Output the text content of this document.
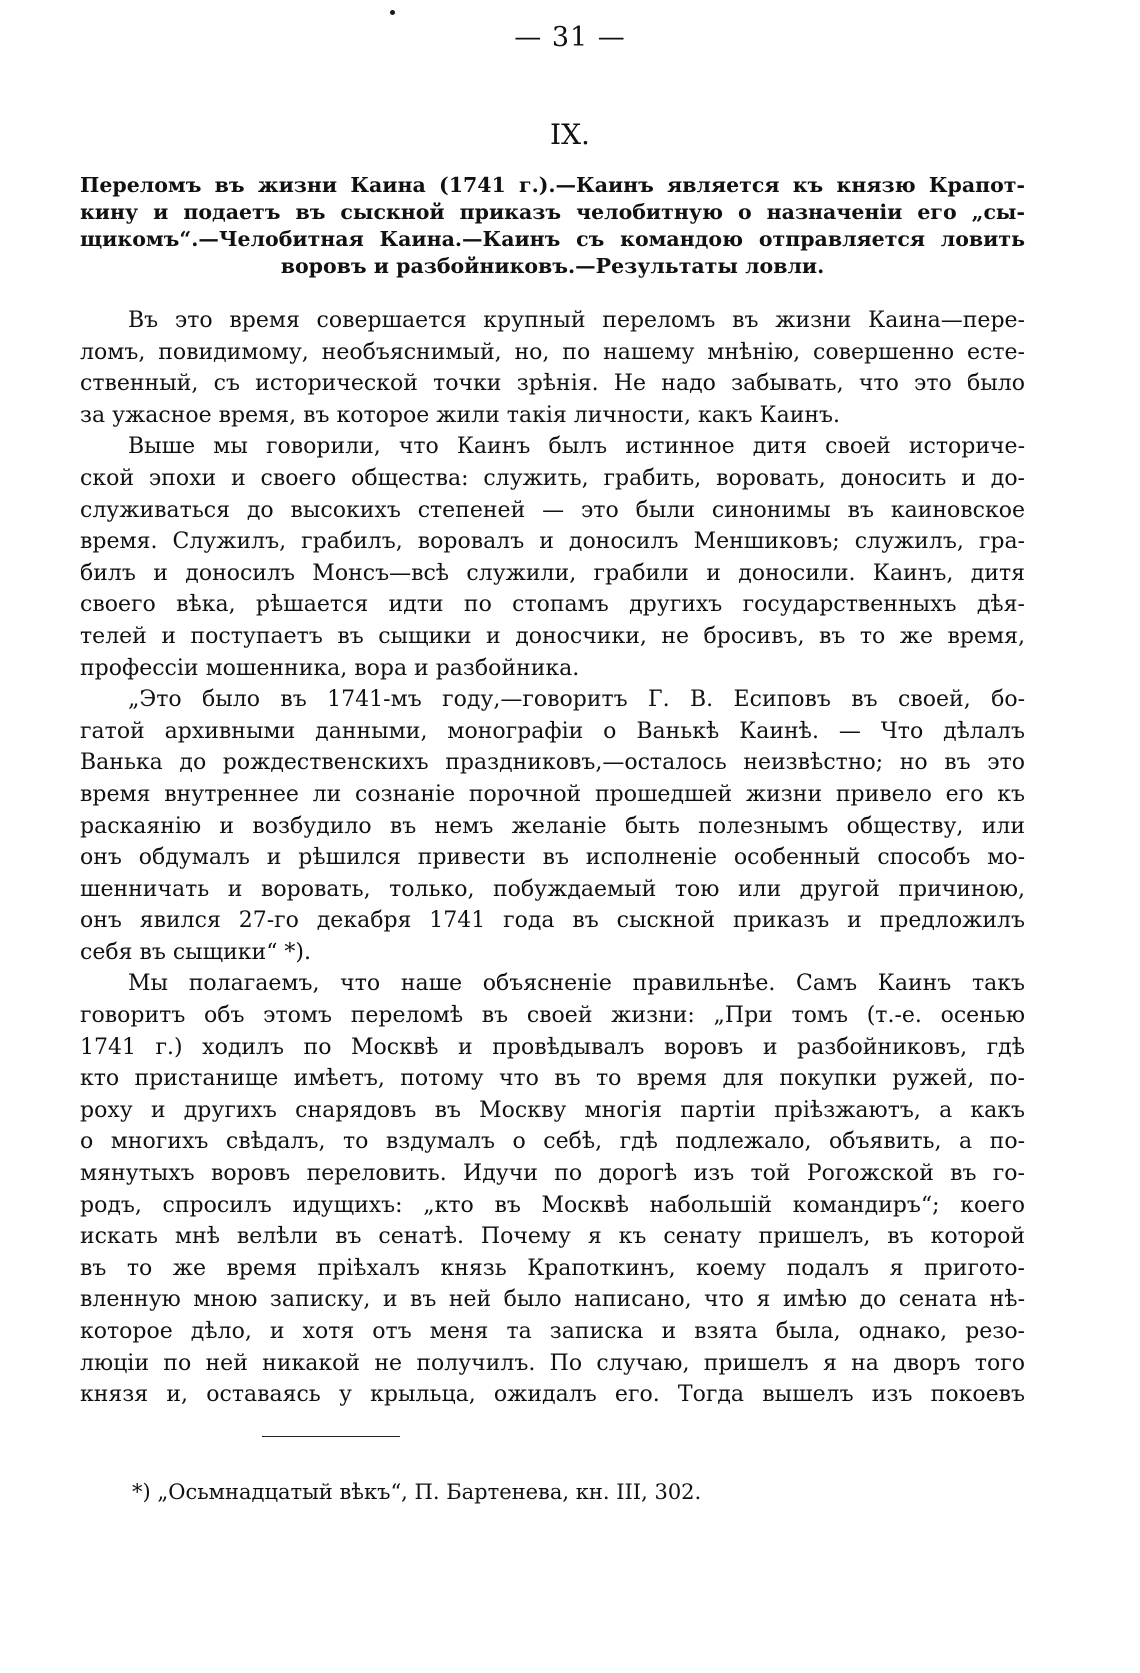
— 31 —
IX.
Переломъ въ жизни Каина (1741 г.).—Каинъ является къ князю Крапот-
кину и подаетъ въ сыскной приказъ челобитную о назначеніи его „сы-
щикомъ“.—Челобитная Каина.—Каинъ съ командою отправляется ловить
воровъ и разбойниковъ.—Результаты ловли.
Въ это время совершается крупный переломъ въ жизни Каина—пере-
ломъ, повидимому, необъяснимый, но, по нашему мнѣнію, совершенно есте-
ственный, съ исторической точки зрѣнія. Не надо забывать, что это было
за ужасное время, въ которое жили такія личности, какъ Каинъ.
Выше мы говорили, что Каинъ былъ истинное дитя своей историче-
ской эпохи и своего общества: служить, грабить, воровать, доносить и до-
служиваться до высокихъ степеней — это были синонимы въ каиновское
время. Служилъ, грабилъ, воровалъ и доносилъ Меншиковъ; служилъ, гра-
билъ и доносилъ Монсъ—всѣ служили, грабили и доносили. Каинъ, дитя
своего вѣка, рѣшается идти по стопамъ другихъ государственныхъ дѣя-
телей и поступаетъ въ сыщики и доносчики, не бросивъ, въ то же время,
профессіи мошенника, вора и разбойника.
„Это было въ 1741-мъ году,—говоритъ Г. В. Есиповъ въ своей, бо-
гатой архивными данными, монографіи о Ванькѣ Каинѣ. — Что дѣлалъ
Ванька до рождественскихъ праздниковъ,—осталось неизвѣстно; но въ это
время внутреннее ли сознаніе порочной прошедшей жизни привело его къ
раскаянію и возбудило въ немъ желаніе быть полезнымъ обществу, или
онъ обдумалъ и рѣшился привести въ исполненіе особенный способъ мо-
шенничать и воровать, только, побуждаемый тою или другой причиною,
онъ явился 27-го декабря 1741 года въ сыскной приказъ и предложилъ
себя въ сыщики“ *).
Мы полагаемъ, что наше объясненіе правильнѣе. Самъ Каинъ такъ
говоритъ объ этомъ переломѣ въ своей жизни: „При томъ (т.-е. осенью
1741 г.) ходилъ по Москвѣ и провѣдывалъ воровъ и разбойниковъ, гдѣ
кто пристанище имѣетъ, потому что въ то время для покупки ружей, по-
роху и другихъ снарядовъ въ Москву многія партіи пріѣзжаютъ, а какъ
о многихъ свѣдалъ, то вздумалъ о себѣ, гдѣ подлежало, объявить, а по-
мянутыхъ воровъ переловить. Идучи по дорогѣ изъ той Рогожской въ го-
родъ, спросилъ идущихъ: „кто въ Москвѣ набольшій командиръ“; коего
искать мнѣ велѣли въ сенатѣ. Почему я къ сенату пришелъ, въ которой
въ то же время пріѣхалъ князь Крапоткинъ, коему подалъ я пригото-
вленную мною записку, и въ ней было написано, что я имѣю до сената нѣ-
которое дѣло, и хотя отъ меня та записка и взята была, однако, резо-
люціи по ней никакой не получилъ. По случаю, пришелъ я на дворъ того
князя и, оставаясь у крыльца, ожидалъ его. Тогда вышелъ изъ покоевъ
*) „Осьмнадцатый вѣкъ“, П. Бартенева, кн. III, 302.
